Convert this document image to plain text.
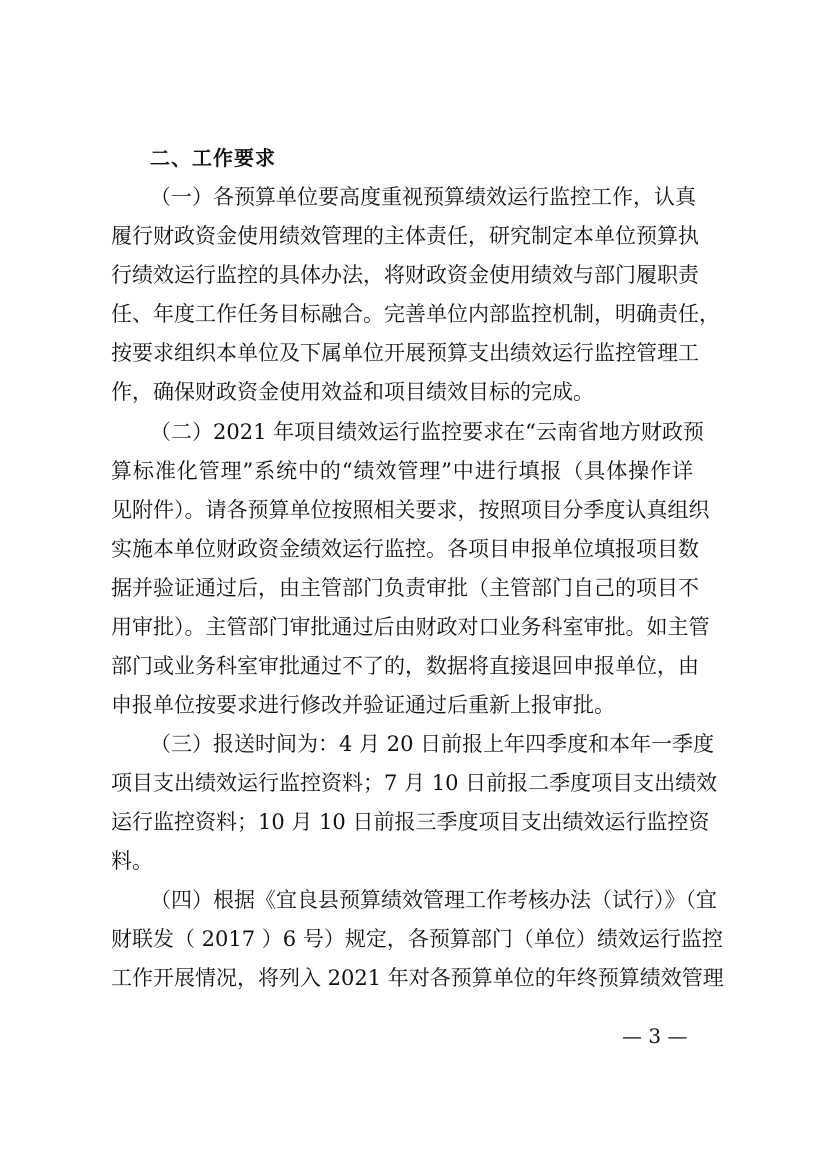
二、工作要求
（一）各预算单位要高度重视预算绩效运行监控工作，认真
履行财政资金使用绩效管理的主体责任，研究制定本单位预算执
行绩效运行监控的具体办法，将财政资金使用绩效与部门履职责
任、年度工作任务目标融合。完善单位内部监控机制，明确责任，
按要求组织本单位及下属单位开展预算支出绩效运行监控管理工
作，确保财政资金使用效益和项目绩效目标的完成。
（二）2021 年项目绩效运行监控要求在“云南省地方财政预
算标准化管理”系统中的“绩效管理”中进行填报（具体操作详
见附件）。请各预算单位按照相关要求，按照项目分季度认真组织
实施本单位财政资金绩效运行监控。各项目申报单位填报项目数
据并验证通过后，由主管部门负责审批（主管部门自己的项目不
用审批）。主管部门审批通过后由财政对口业务科室审批。如主管
部门或业务科室审批通过不了的，数据将直接退回申报单位，由
申报单位按要求进行修改并验证通过后重新上报审批。
（三）报送时间为：4 月 20 日前报上年四季度和本年一季度
项目支出绩效运行监控资料；7 月 10 日前报二季度项目支出绩效
运行监控资料；10 月 10 日前报三季度项目支出绩效运行监控资
料。
（四）根据《宜良县预算绩效管理工作考核办法（试行）》（宜
财联发（ 2017 ）6 号）规定，各预算部门（单位）绩效运行监控
工作开展情况，将列入 2021 年对各预算单位的年终预算绩效管理
— 3 —
